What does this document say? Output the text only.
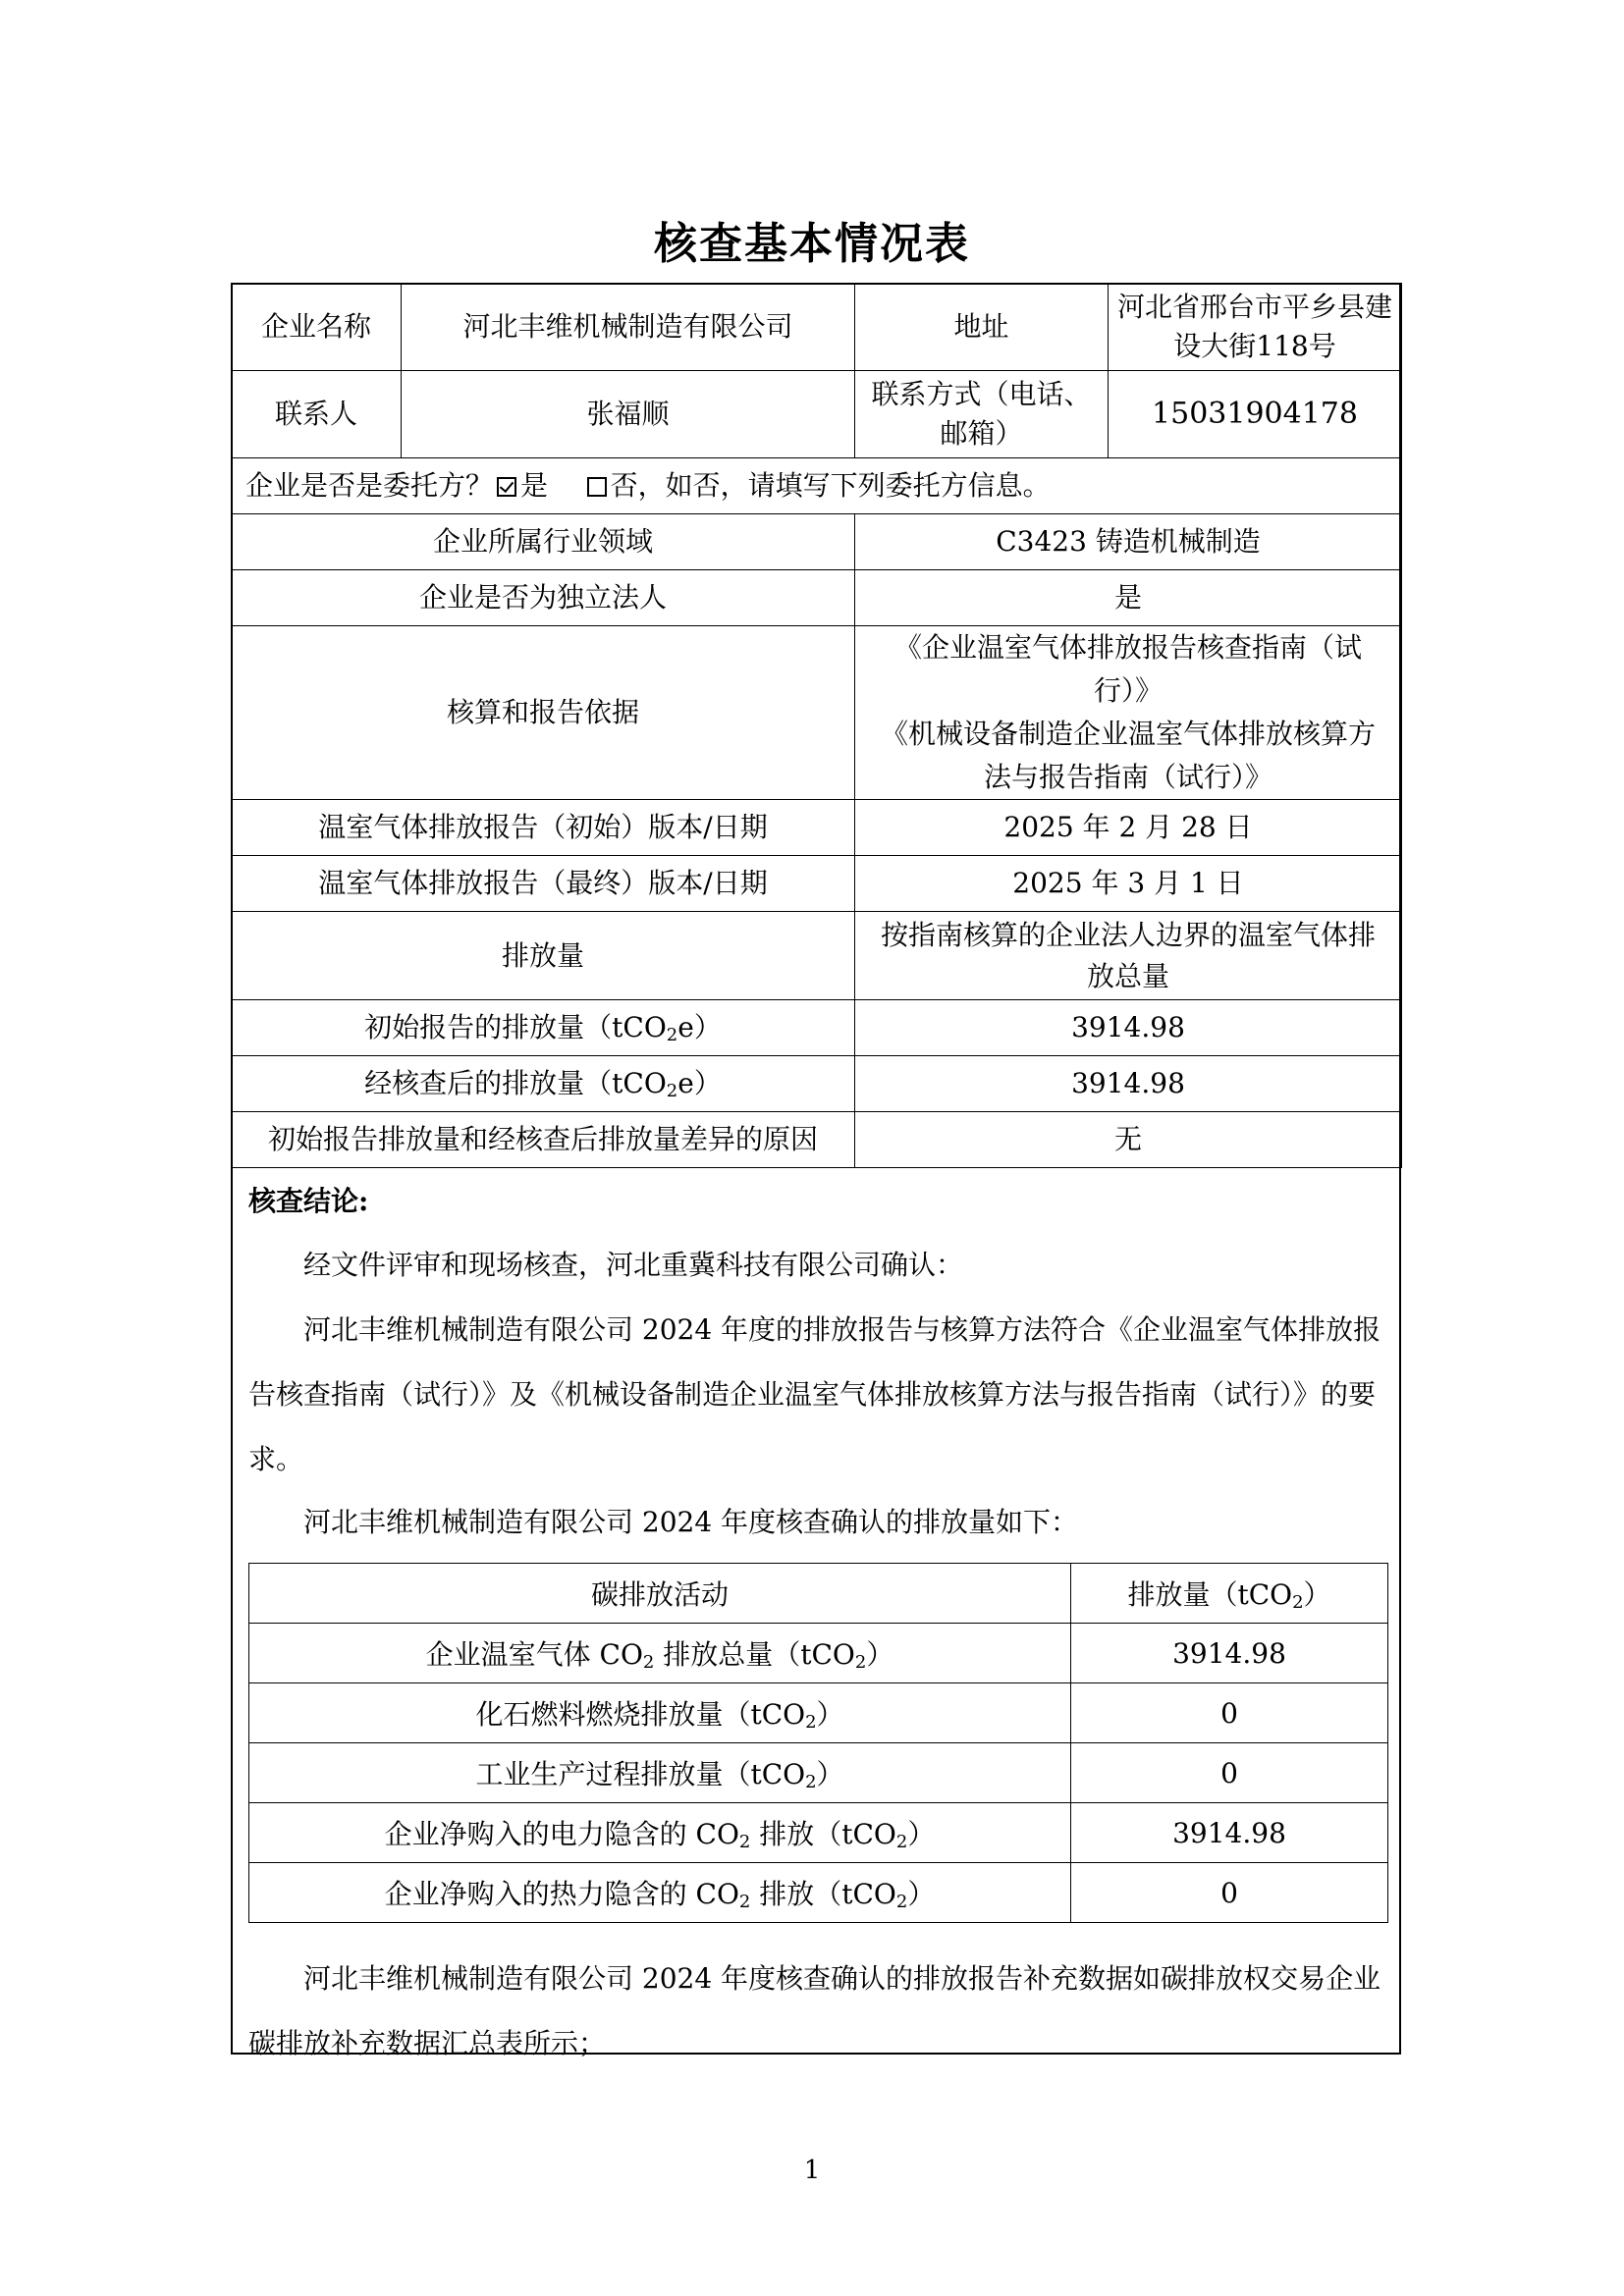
核查基本情况表
企业名称	河北丰维机械制造有限公司	地址	河北省邢台市平乡县建设大街118号
联系人	张福顺	联系方式（电话、邮箱）	15031904178
企业是否是委托方？ 是 否，如否，请填写下列委托方信息。			
企业所属行业领域		C3423 铸造机械制造	
企业是否为独立法人		是	
核算和报告依据		《企业温室气体排放报告核查指南（试行）》
《机械设备制造企业温室气体排放核算方法与报告指南（试行）》	

温室气体排放报告（初始）版本/日期		2025 年 2 月 28 日	
温室气体排放报告（最终）版本/日期		2025 年 3 月 1 日	
排放量		按指南核算的企业法人边界的温室气体排放总量	
初始报告的排放量（tCO$_2$e）		3914.98	
经核查后的排放量（tCO$_2$e）		3914.98	
初始报告排放量和经核查后排放量差异的原因		无	
核查结论:

经文件评审和现场核查，河北重冀科技有限公司确认：

河北丰维机械制造有限公司 2024 年度的排放报告与核算方法符合《企业温室气体排放报告核查指南（试行）》及《机械设备制造企业温室气体排放核算方法与报告指南（试行）》的要求。

河北丰维机械制造有限公司 2024 年度核查确认的排放量如下：

碳排放活动	排放量（tCO$_2$）
企业温室气体 $CO_2$ 排放总量（tCO$_2$）	3914.98
化石燃料燃烧排放量（tCO$_2$）	0
工业生产过程排放量（tCO$_2$）	0
企业净购入的电力隐含的 $CO_2$ 排放（tCO$_2$）	3914.98
企业净购入的热力隐含的 $CO_2$ 排放（tCO$_2$）	0

河北丰维机械制造有限公司 2024 年度核查确认的排放报告补充数据如碳排放权交易企业碳排放补充数据汇总表所示；

1
